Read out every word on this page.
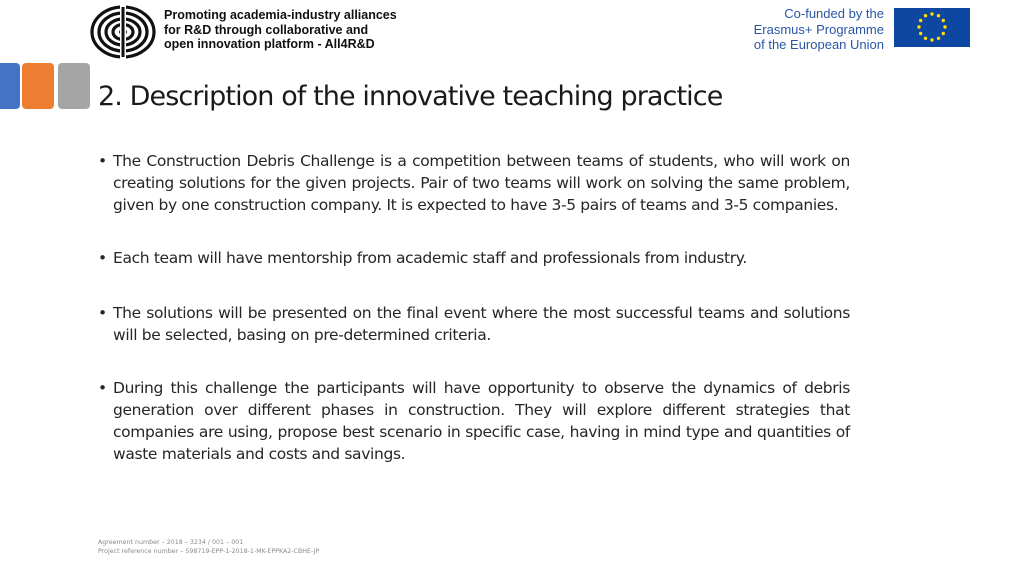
Promoting academia-industry alliances
for R&D through collaborative and
open innovation platform - All4R&D
Co-funded by the
Erasmus+ Programme
of the European Union
2. Description of the innovative teaching practice
• The Construction Debris Challenge is a competition between teams of students, who will work on creating solutions for the given projects. Pair of two teams will work on solving the same problem, given by one construction company. It is expected to have 3-5 pairs of teams and 3-5 companies.
• Each team will have mentorship from academic staff and professionals from industry.
• The solutions will be presented on the final event where the most successful teams and solutions will be selected, basing on pre-determined criteria.
• During this challenge the participants will have opportunity to observe the dynamics of debris generation over different phases in construction. They will explore different strategies that companies are using, propose best scenario in specific case, having in mind type and quantities of waste materials and costs and savings.
Agreement number – 2018 – 3234 / 001 – 001
Project reference number – 598719-EPP-1-2018-1-MK-EPPKA2-CBHE-JP
